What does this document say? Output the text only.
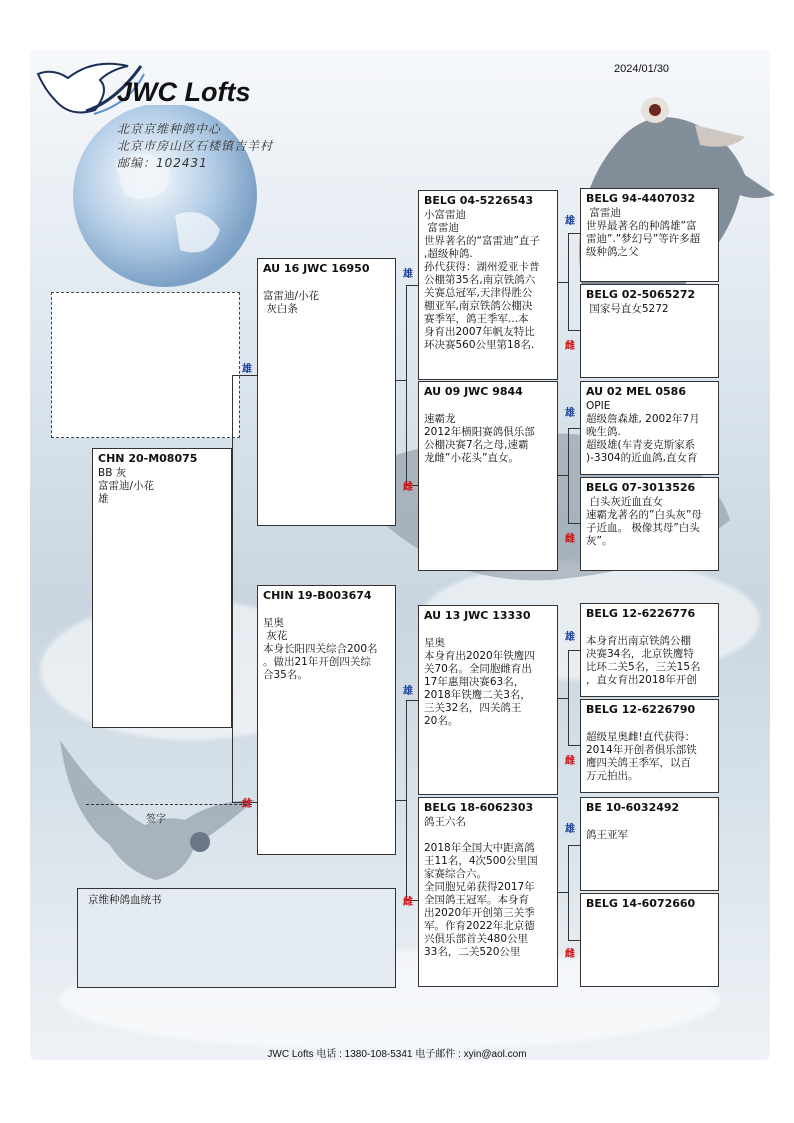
JWC Lofts
北京京维种鸽中心
北京市房山区石楼镇吉羊村
邮编：102431
2024/01/30
雄
雌
雄
雌
雄
雌
雄
雌
雄
雌
雄
雌
雄
雌
CHN 20-M08075
BB 灰
富雷迪/小花
雄
AU 16 JWC 16950

富雷迪/小花
灰白条
CHIN 19-B003674

星奥
灰花
本身长阳四关综合200名
。做出21年开创四关综
合35名。
BELG 04-5226543
小富雷迪
富雷迪
世界著名的“富雷迪”直子
,超级种鸽.
孙代获得：湖州爱亚卡普
公棚第35名,南京铁鸽六
关赛总冠军,天津得胜公
棚亚军,南京铁鸽公棚决
赛季军，鸽王季军...本
身育出2007年帆友特比
环决赛560公里第18名.
AU 09 JWC 9844

速霸龙
2012年横阳赛鸽俱乐部
公棚决赛7名之母,速霸
龙雌”小花头”直女。
AU 13 JWC 13330

星奥
本身育出2020年铁鹰四
关70名。全同胞雌育出
17年惠翔决赛63名，
2018年铁鹰二关3名，
三关32名，四关鸽王
20名。
BELG 18-6062303
鸽王六名

2018年全国大中距离鸽
王11名，4次500公里国
家赛综合六。
全同胞兄弟获得2017年
全国鸽王冠军。本身育
出2020年开创第三关季
军。作育2022年北京德
兴俱乐部首关480公里
33名，二关520公里
BELG 94-4407032
富雷迪
世界最著名的种鸽雄”富
雷迪”.”梦幻号”等许多超
级种鸽之父
BELG 02-5065272
国家号直女5272
AU 02 MEL 0586
OPIE
超级詹森雄, 2002年7月
晚生鸽.
超级雄(车青麦克斯家系
)-3304的近血鸽,直女育
BELG 07-3013526
白头灰近血直女
速霸龙著名的”白头灰”母
子近血。 极像其母”白头
灰”。
BELG 12-6226776

本身育出南京铁鸽公棚
决赛34名，北京铁鹰特
比环二关5名，三关15名
，直女育出2018年开创
BELG 12-6226790

超级星奥雌!直代获得：
2014年开创者俱乐部铁
鹰四关鸽王季军，以百
万元拍出。
BE 10-6032492

鸽王亚军
BELG 14-6072660
签字
京维种鸽血统书
JWC Lofts 电话 : 1380-108-5341 电子邮件 : xyin@aol.com
